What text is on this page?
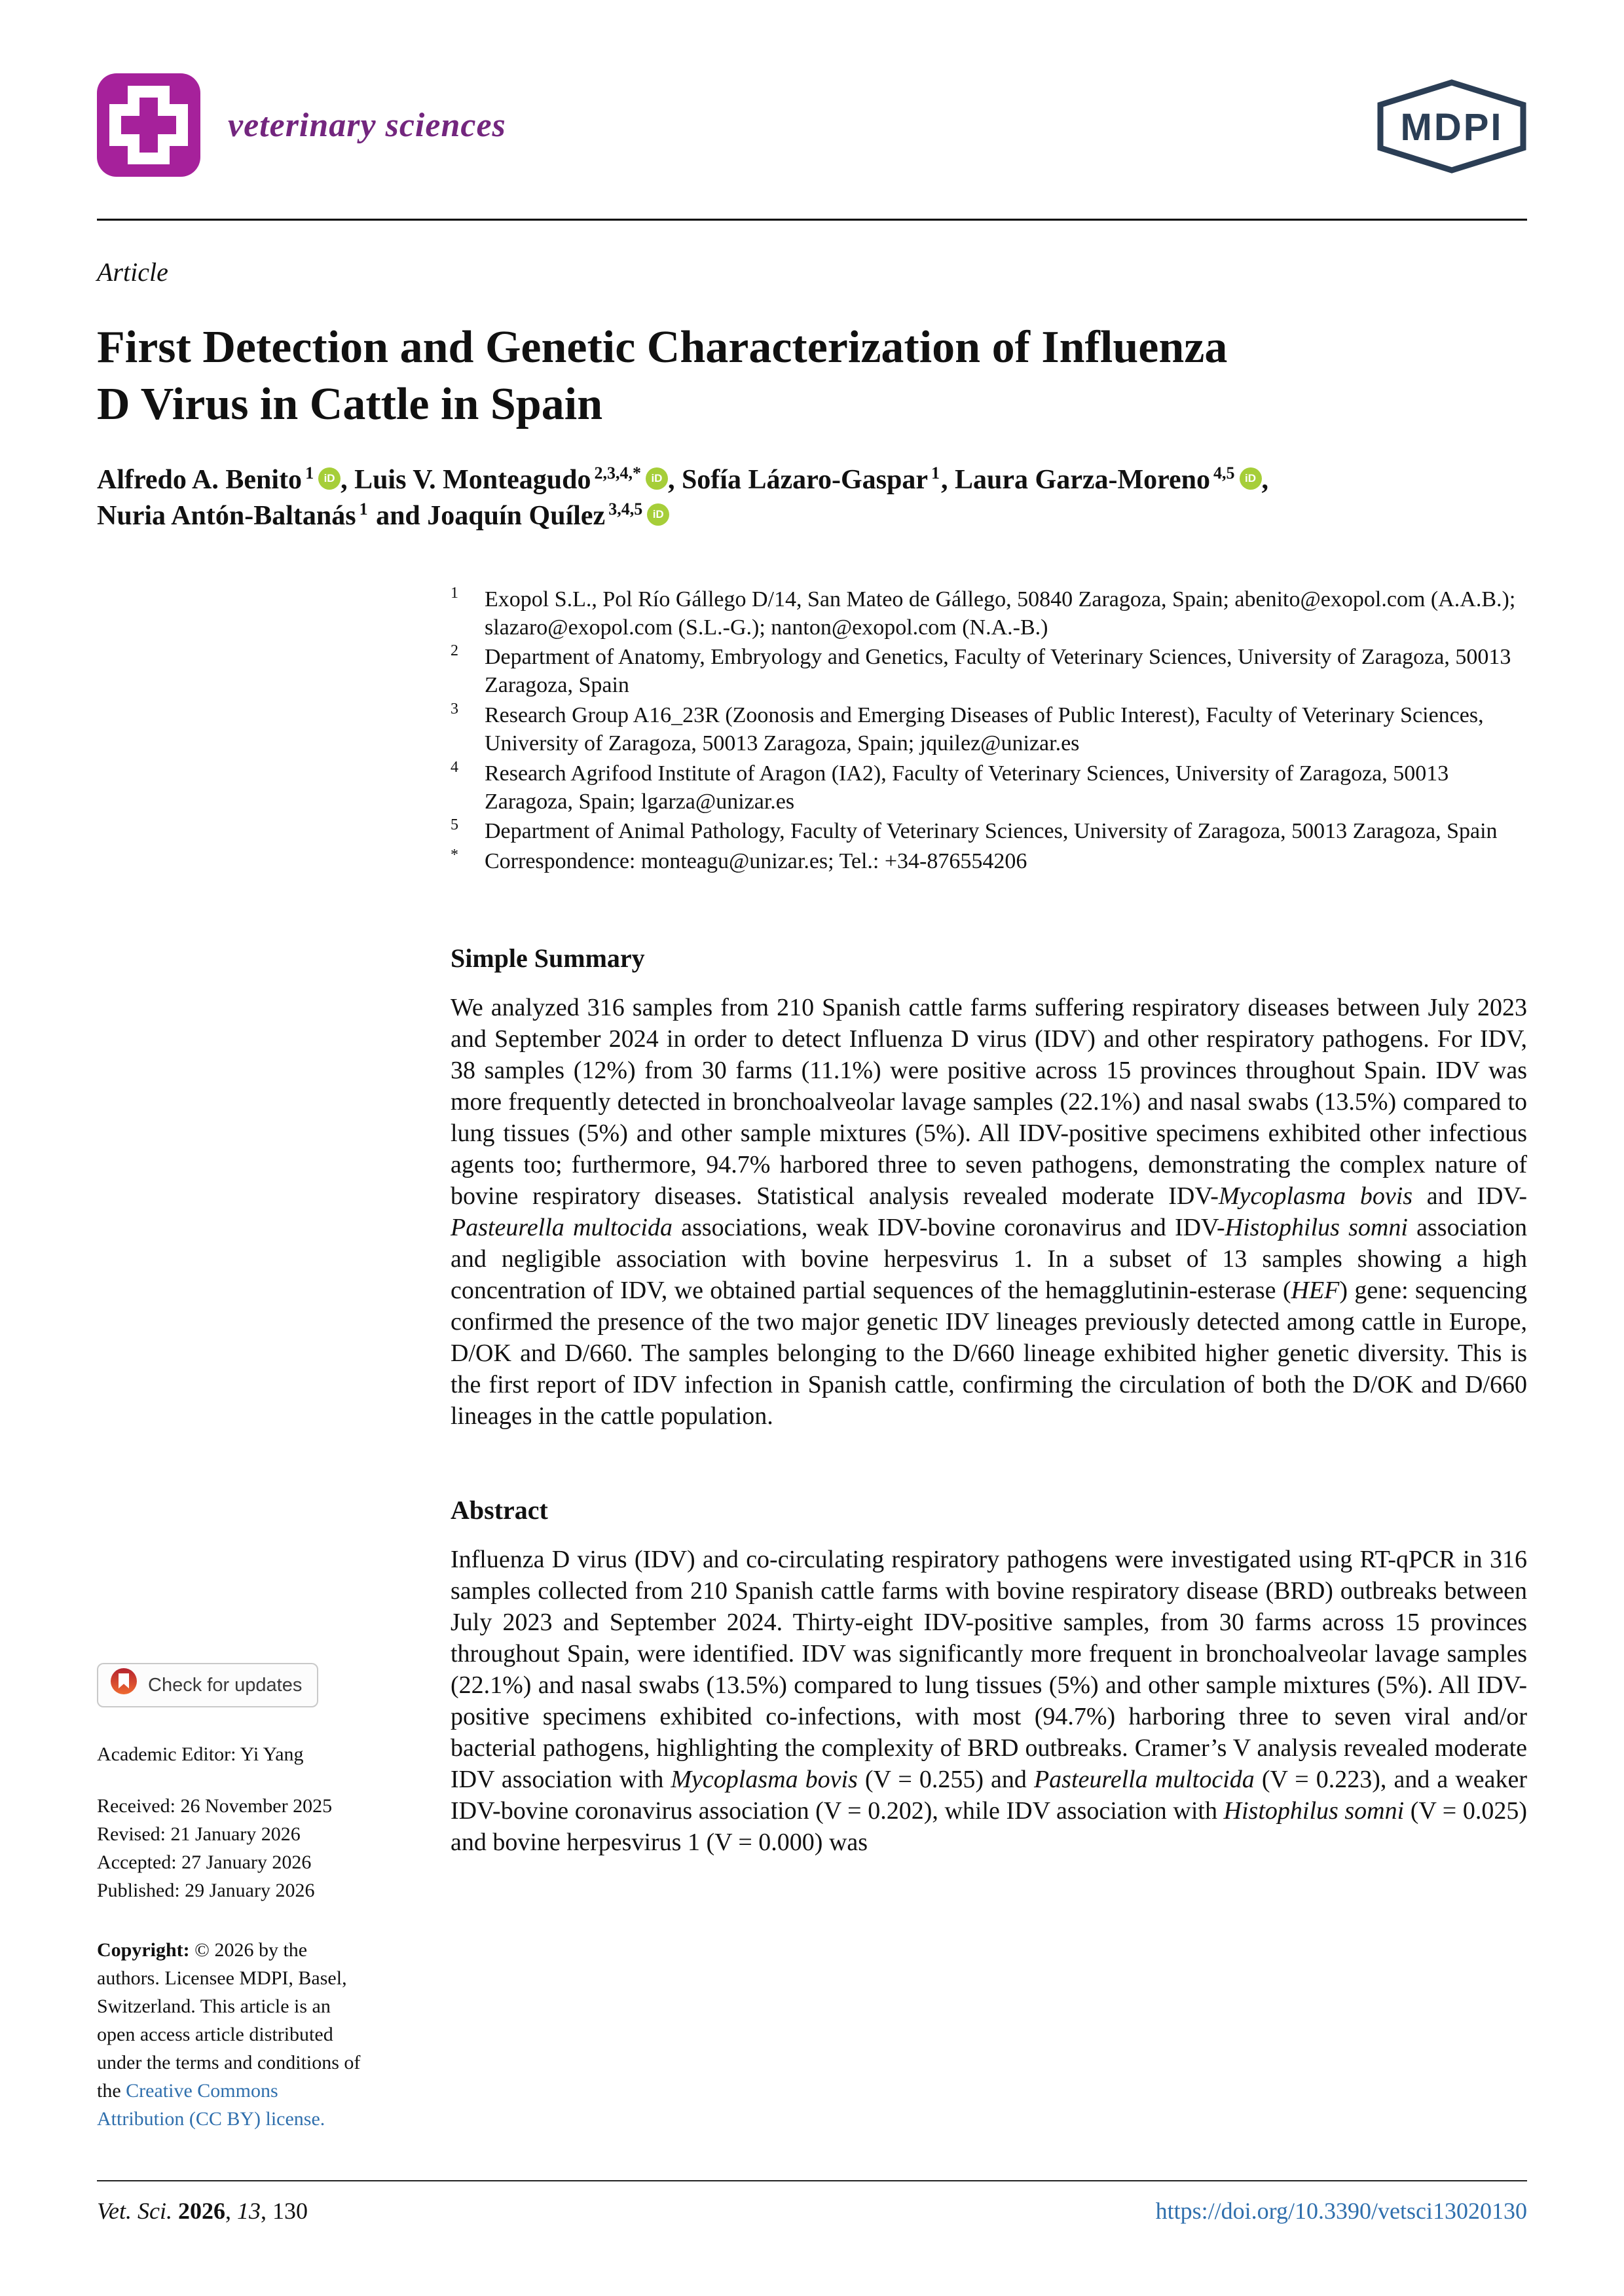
veterinary sciences	MDPI
Article
First Detection and Genetic Characterization of Influenza
D Virus in Cattle in Spain
Alfredo A. Benito $^1$ iD , Luis V. Monteagudo $^{2,3,4,*}$ iD , Sofía Lázaro-Gaspar $^1$, Laura Garza-Moreno $^{4,5}$ iD ,
Nuria Antón-Baltanás $^1$ and Joaquín Quílez $^{3,4,5}$ iD
1	Exopol S.L., Pol Río Gállego D/14, San Mateo de Gállego, 50840 Zaragoza, Spain; abenito@exopol.com (A.A.B.); slazaro@exopol.com (S.L.-G.); nanton@exopol.com (N.A.-B.)
2	Department of Anatomy, Embryology and Genetics, Faculty of Veterinary Sciences, University of Zaragoza, 50013 Zaragoza, Spain
3	Research Group A16_23R (Zoonosis and Emerging Diseases of Public Interest), Faculty of Veterinary Sciences, University of Zaragoza, 50013 Zaragoza, Spain; jquilez@unizar.es
4	Research Agrifood Institute of Aragon (IA2), Faculty of Veterinary Sciences, University of Zaragoza, 50013 Zaragoza, Spain; lgarza@unizar.es
5	Department of Animal Pathology, Faculty of Veterinary Sciences, University of Zaragoza, 50013 Zaragoza, Spain
*	Correspondence: monteagu@unizar.es; Tel.: +34-876554206
Simple Summary
We analyzed 316 samples from 210 Spanish cattle farms suffering respiratory diseases between July 2023 and September 2024 in order to detect Influenza D virus (IDV) and other respiratory pathogens. For IDV, 38 samples (12%) from 30 farms (11.1%) were positive across 15 provinces throughout Spain. IDV was more frequently detected in bronchoalveolar lavage samples (22.1%) and nasal swabs (13.5%) compared to lung tissues (5%) and other sample mixtures (5%). All IDV-positive specimens exhibited other infectious agents too; furthermore, 94.7% harbored three to seven pathogens, demonstrating the complex nature of bovine respiratory diseases. Statistical analysis revealed moderate IDV-Mycoplasma bovis and IDV-Pasteurella multocida associations, weak IDV-bovine coronavirus and IDV-Histophilus somni association and negligible association with bovine herpesvirus 1. In a subset of 13 samples showing a high concentration of IDV, we obtained partial sequences of the hemagglutinin-esterase (HEF) gene: sequencing confirmed the presence of the two major genetic IDV lineages previously detected among cattle in Europe, D/OK and D/660. The samples belonging to the D/660 lineage exhibited higher genetic diversity. This is the first report of IDV infection in Spanish cattle, confirming the circulation of both the D/OK and D/660 lineages in the cattle population.
Abstract
Influenza D virus (IDV) and co-circulating respiratory pathogens were investigated using RT-qPCR in 316 samples collected from 210 Spanish cattle farms with bovine respiratory disease (BRD) outbreaks between July 2023 and September 2024. Thirty-eight IDV-positive samples, from 30 farms across 15 provinces throughout Spain, were identified. IDV was significantly more frequent in bronchoalveolar lavage samples (22.1%) and nasal swabs (13.5%) compared to lung tissues (5%) and other sample mixtures (5%). All IDV-positive specimens exhibited co-infections, with most (94.7%) harboring three to seven viral and/or bacterial pathogens, highlighting the complexity of BRD outbreaks. Cramer’s V analysis revealed moderate IDV association with Mycoplasma bovis (V = 0.255) and Pasteurella multocida (V = 0.223), and a weaker IDV-bovine coronavirus association (V = 0.202), while IDV association with Histophilus somni (V = 0.025) and bovine herpesvirus 1 (V = 0.000) was
Check for updates
Academic Editor: Yi Yang
Received: 26 November 2025
Revised: 21 January 2026
Accepted: 27 January 2026
Published: 29 January 2026
Copyright: © 2026 by the authors. Licensee MDPI, Basel, Switzerland. This article is an open access article distributed under the terms and conditions of the Creative Commons Attribution (CC BY) license.
Vet. Sci. 2026, 13, 130	https://doi.org/10.3390/vetsci13020130
